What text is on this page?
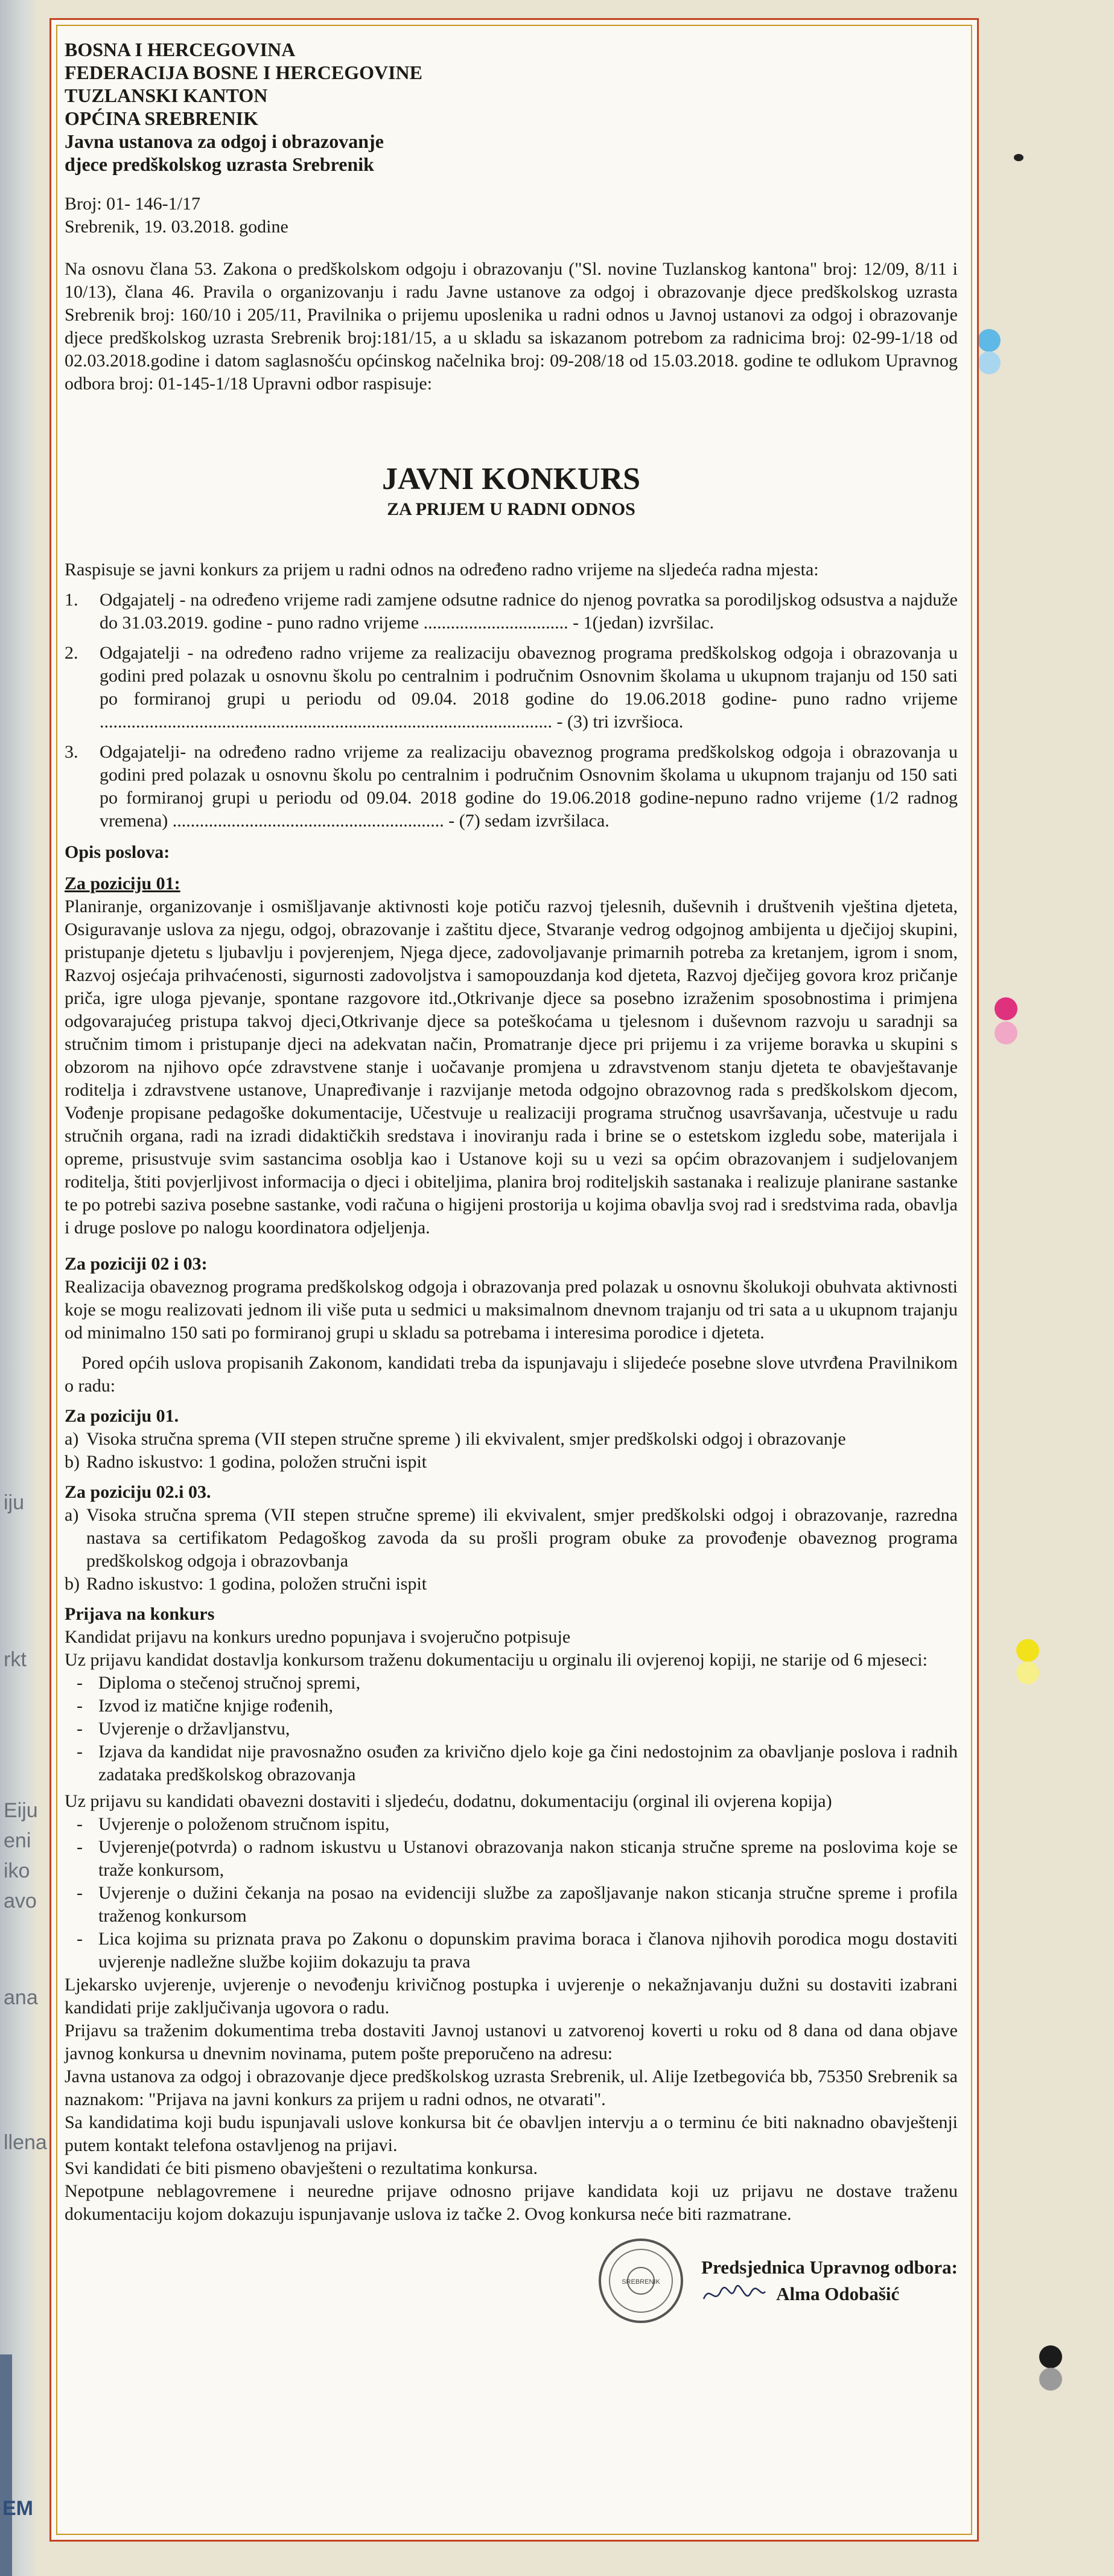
iju
rkt
Eiju
eni
iko
avo
ana
llena
EM
BOSNA I HERCEGOVINA
FEDERACIJA BOSNE I HERCEGOVINE
TUZLANSKI KANTON
OPĆINA SREBRENIK
Javna ustanova za odgoj i obrazovanje
djece predškolskog uzrasta Srebrenik
Broj: 01- 146-1/17
Srebrenik, 19. 03.2018. godine

Na osnovu člana 53. Zakona o predškolskom odgoju i obrazovanju ("Sl. novine Tuzlanskog kantona" broj: 12/09, 8/11 i 10/13), člana 46. Pravila o organizovanju i radu Javne ustanove za odgoj i obrazovanje djece predškolskog uzrasta Srebrenik broj: 160/10 i 205/11, Pravilnika o prijemu uposlenika u radni odnos u Javnoj ustanovi za odgoj i obrazovanje djece predškolskog uzrasta Srebrenik broj:181/15, a u skladu sa iskazanom potrebom za radnicima broj: 02-99-1/18 od 02.03.2018.godine i datom saglasnošću općinskog načelnika broj: 09-208/18 od 15.03.2018. godine te odlukom Upravnog odbora broj: 01-145-1/18 Upravni odbor raspisuje:

JAVNI KONKURS
ZA PRIJEM U RADNI ODNOS

Raspisuje se javni konkurs za prijem u radni odnos na određeno radno vrijeme na sljedeća radna mjesta:

1.	Odgajatelj - na određeno vrijeme radi zamjene odsutne radnice do njenog povratka sa porodiljskog odsustva a najduže do 31.03.2019. godine - puno radno vrijeme ................................ - 1(jedan) izvršilac.
2.	Odgajatelji - na određeno radno vrijeme za realizaciju obaveznog programa predškolskog odgoja i obrazovanja u godini pred polazak u osnovnu školu po centralnim i područnim Osnovnim školama u ukupnom trajanju od 150 sati po formiranoj grupi u periodu od 09.04. 2018 godine do 19.06.2018 godine- puno radno vrijeme .................................................................................................... - (3) tri izvršioca.
3.	Odgajatelji- na određeno radno vrijeme za realizaciju obaveznog programa predškolskog odgoja i obrazovanja u godini pred polazak u osnovnu školu po centralnim i područnim Osnovnim školama u ukupnom trajanju od 150 sati po formiranoj grupi u periodu od 09.04. 2018 godine do 19.06.2018 godine-nepuno radno vrijeme (1/2 radnog vremena) ............................................................ - (7) sedam izvršilaca.
Opis poslova:
Za poziciju 01:

Planiranje, organizovanje i osmišljavanje aktivnosti koje potiču razvoj tjelesnih, duševnih i društvenih vještina djeteta, Osiguravanje uslova za njegu, odgoj, obrazovanje i zaštitu djece, Stvaranje vedrog odgojnog ambijenta u dječijoj skupini, pristupanje djetetu s ljubavlju i povjerenjem, Njega djece, zadovoljavanje primarnih potreba za kretanjem, igrom i snom, Razvoj osjećaja prihvaćenosti, sigurnosti zadovoljstva i samopouzdanja kod djeteta, Razvoj dječijeg govora kroz pričanje priča, igre uloga pjevanje, spontane razgovore itd.,Otkrivanje djece sa posebno izraženim sposobnostima i primjena odgovarajućeg pristupa takvoj djeci,Otkrivanje djece sa poteškoćama u tjelesnom i duševnom razvoju u saradnji sa stručnim timom i pristupanje djeci na adekvatan način, Promatranje djece pri prijemu i za vrijeme boravka u skupini s obzorom na njihovo opće zdravstvene stanje i uočavanje promjena u zdravstvenom stanju djeteta te obavještavanje roditelja i zdravstvene ustanove, Unapređivanje i razvijanje metoda odgojno obrazovnog rada s predškolskom djecom, Vođenje propisane pedagoške dokumentacije, Učestvuje u realizaciji programa stručnog usavršavanja, učestvuje u radu stručnih organa, radi na izradi didaktičkih sredstava i inoviranju rada i brine se o estetskom izgledu sobe, materijala i opreme, prisustvuje svim sastancima osoblja kao i Ustanove koji su u vezi sa općim obrazovanjem i sudjelovanjem roditelja, štiti povjerljivost informacija o djeci i obiteljima, planira broj roditeljskih sastanaka i realizuje planirane sastanke te po potrebi saziva posebne sastanke, vodi računa o higijeni prostorija u kojima obavlja svoj rad i sredstvima rada, obavlja i druge poslove po nalogu koordinatora odjeljenja.

Za poziciji 02 i 03:

Realizacija obaveznog programa predškolskog odgoja i obrazovanja pred polazak u osnovnu školukoji obuhvata aktivnosti koje se mogu realizovati jednom ili više puta u sedmici u maksimalnom dnevnom trajanju od tri sata a u ukupnom trajanju od minimalno 150 sati po formiranoj grupi u skladu sa potrebama i interesima porodice i djeteta.

Pored općih uslova propisanih Zakonom, kandidati treba da ispunjavaju i slijedeće posebne slove utvrđena Pravilnikom o radu:

Za poziciju 01.
a) Visoka stručna sprema (VII stepen stručne spreme ) ili ekvivalent, smjer predškolski odgoj i obrazovanje
b) Radno iskustvo: 1 godina, položen stručni ispit
Za poziciju 02.i 03.
a) Visoka stručna sprema (VII stepen stručne spreme) ili ekvivalent, smjer predškolski odgoj i obrazovanje, razredna nastava sa certifikatom Pedagoškog zavoda da su prošli program obuke za provođenje obaveznog programa predškolskog odgoja i obrazovbanja
b) Radno iskustvo: 1 godina, položen stručni ispit
Prijava na konkurs

Kandidat prijavu na konkurs uredno popunjava i svojeručno potpisuje

Uz prijavu kandidat dostavlja konkursom traženu dokumentaciju u orginalu ili ovjerenoj kopiji, ne starije od 6 mjeseci:

- Diploma o stečenoj stručnoj spremi,
- Izvod iz matične knjige rođenih,
- Uvjerenje o državljanstvu,
- Izjava da kandidat nije pravosnažno osuđen za krivično djelo koje ga čini nedostojnim za obavljanje poslova i radnih zadataka predškolskog obrazovanja

Uz prijavu su kandidati obavezni dostaviti i sljedeću, dodatnu, dokumentaciju (orginal ili ovjerena kopija)

- Uvjerenje o položenom stručnom ispitu,
- Uvjerenje(potvrda) o radnom iskustvu u Ustanovi obrazovanja nakon sticanja stručne spreme na poslovima koje se traže konkursom,
- Uvjerenje o dužini čekanja na posao na evidenciji službe za zapošljavanje nakon sticanja stručne spreme i profila traženog konkursom
- Lica kojima su priznata prava po Zakonu o dopunskim pravima boraca i članova njihovih porodica mogu dostaviti uvjerenje nadležne službe kojiim dokazuju ta prava

Ljekarsko uvjerenje, uvjerenje o nevođenju krivičnog postupka i uvjerenje o nekažnjavanju dužni su dostaviti izabrani kandidati prije zaključivanja ugovora o radu.

Prijavu sa traženim dokumentima treba dostaviti Javnoj ustanovi u zatvorenoj koverti u roku od 8 dana od dana objave javnog konkursa u dnevnim novinama, putem pošte preporučeno na adresu:

Javna ustanova za odgoj i obrazovanje djece predškolskog uzrasta Srebrenik, ul. Alije Izetbegovića bb, 75350 Srebrenik sa naznakom: "Prijava na javni konkurs za prijem u radni odnos, ne otvarati".

Sa kandidatima koji budu ispunjavali uslove konkursa bit će obavljen intervju a o terminu će biti naknadno obavještenji putem kontakt telefona ostavljenog na prijavi.

Svi kandidati će biti pismeno obavješteni o rezultatima konkursa.

Nepotpune neblagovremene i neuredne prijave odnosno prijave kandidata koji uz prijavu ne dostave traženu dokumentaciju kojom dokazuju ispunjavanje uslova iz tačke 2. Ovog konkursa neće biti razmatrane.

SREBRENIK
Predsjednica Upravnog odbora:
Alma Odobašić
